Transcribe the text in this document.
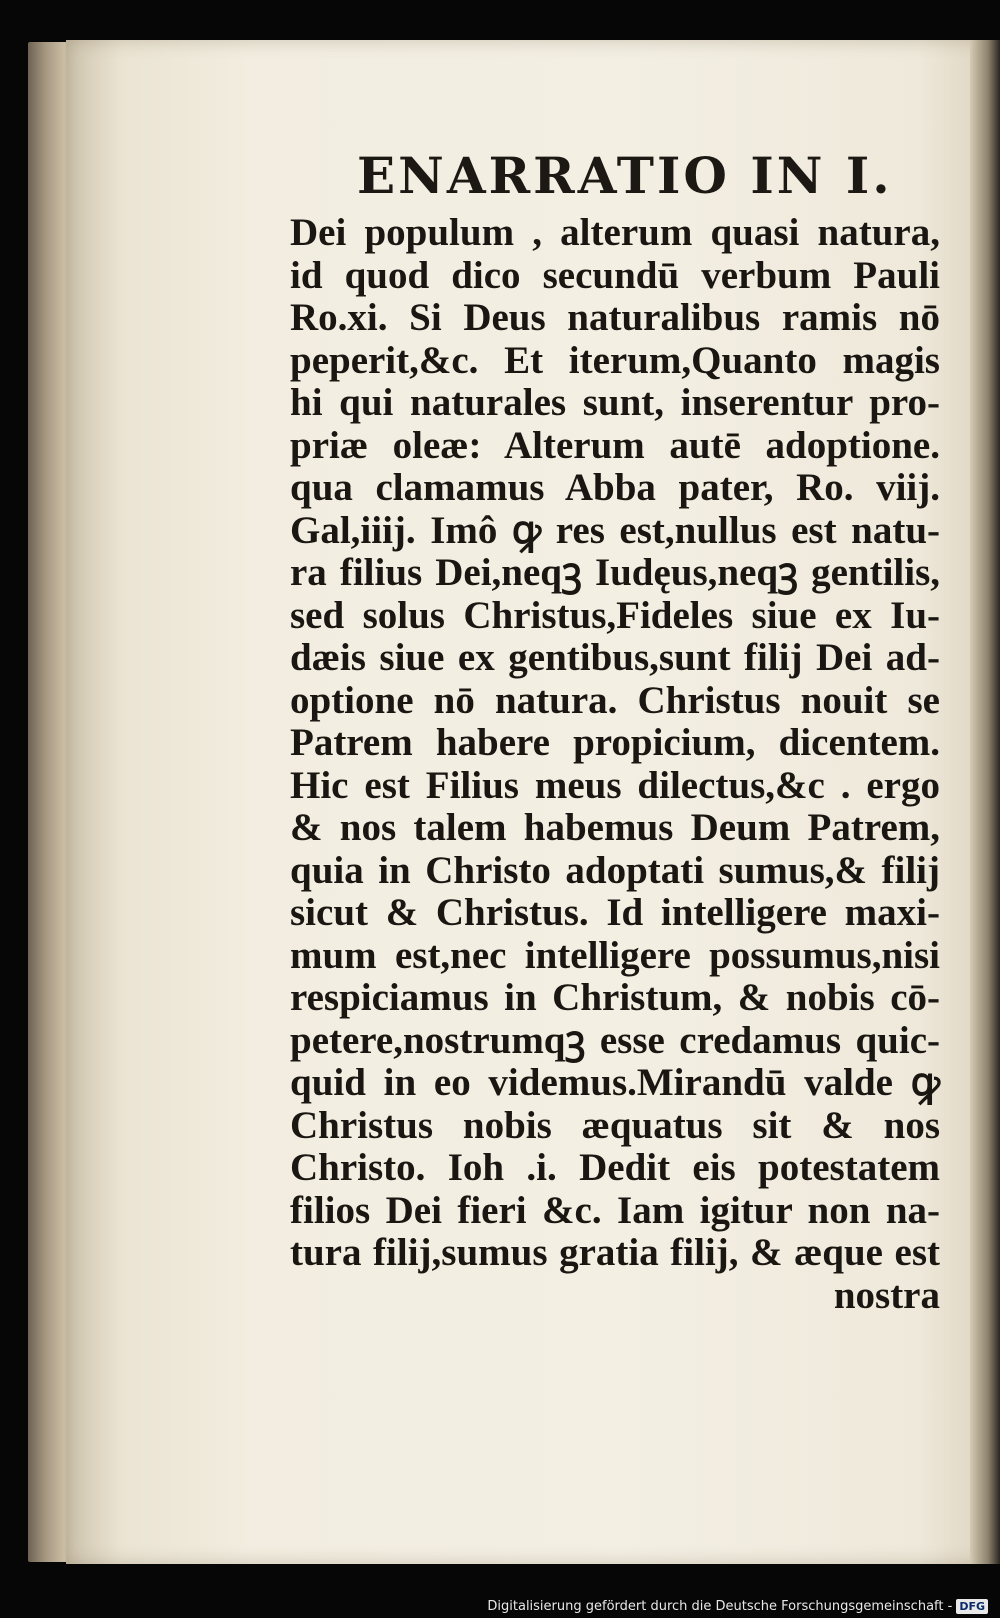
ENARRATIO IN I.
Dei populum , alterum quasi natura,
id quod dico secundū verbum Pauli
Ro.xi. Si Deus naturalibus ramis nō
peperit,&c. Et iterum,Quanto magis
hi qui naturales sunt, inserentur pro-
priæ oleæ: Alterum autē adoptione.
qua clamamus Abba pater, Ro. viij.
Gal,iiij. Imô ꝙ res est,nullus est natu-
ra filius Dei,neqꝫ Iudęus,neqꝫ gentilis,
sed solus Christus,Fideles siue ex Iu-
dæis siue ex gentibus,sunt filij Dei ad-
optione nō natura. Christus nouit se
Patrem habere propicium, dicentem.
Hic est Filius meus dilectus,&c . ergo
& nos talem habemus Deum Patrem,
quia in Christo adoptati sumus,& filij
sicut & Christus. Id intelligere maxi-
mum est,nec intelligere possumus,nisi
respiciamus in Christum, & nobis cō-
petere,nostrumqꝫ esse credamus quic-
quid in eo videmus.Mirandū valde ꝙ
Christus nobis æquatus sit & nos
Christo. Ioh .i. Dedit eis potestatem
filios Dei fieri &c. Iam igitur non na-
tura filij,sumus gratia filij, & æque est
nostra
Digitalisierung gefördert durch die Deutsche Forschungsgemeinschaft - DFG
